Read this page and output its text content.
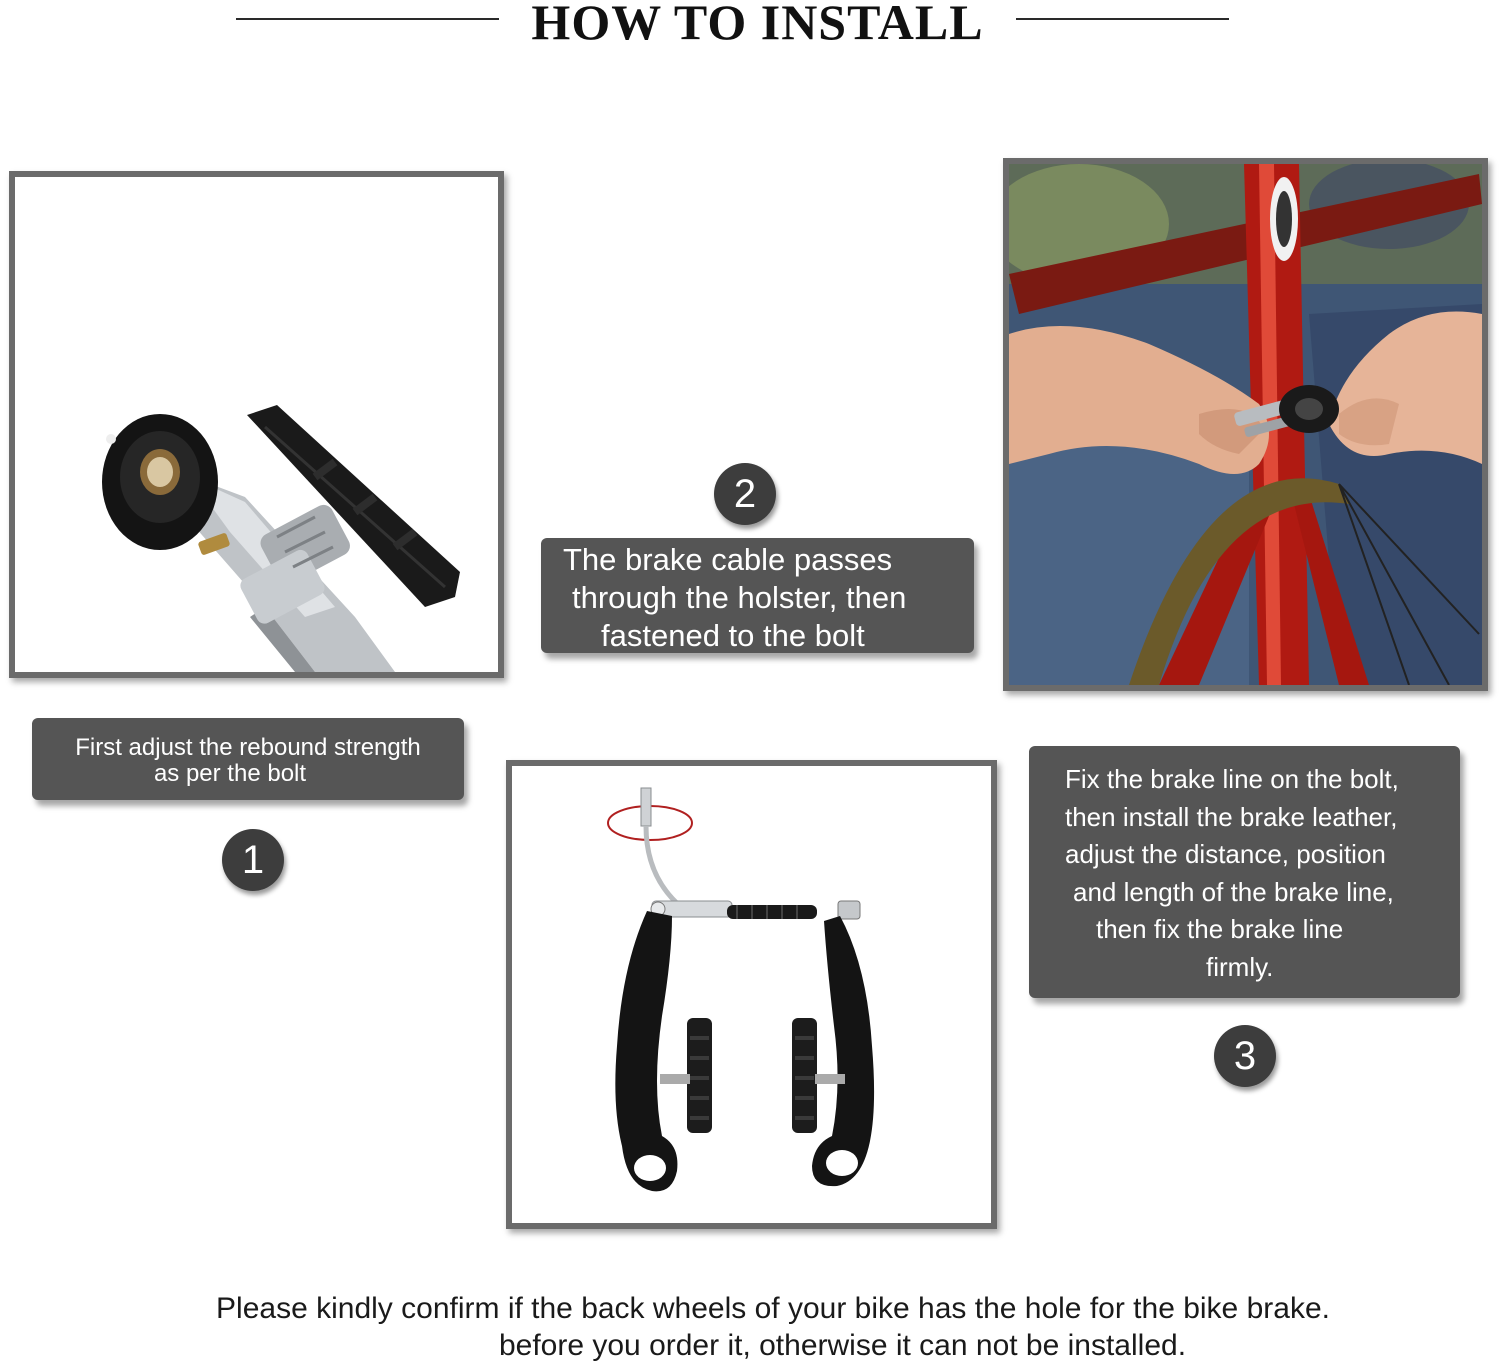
HOW TO INSTALL
First adjust the rebound strength
as per the bolt
1
2
The brake cable passes
through the holster, then
fastened to the bolt
Fix the brake line on the bolt,
then install the brake leather,
adjust the distance, position
and length of the brake line,
then fix the brake line
firmly.
3
Please kindly confirm if the back wheels of your bike has the hole for the bike brake.
before you order it, otherwise it can not be installed.
